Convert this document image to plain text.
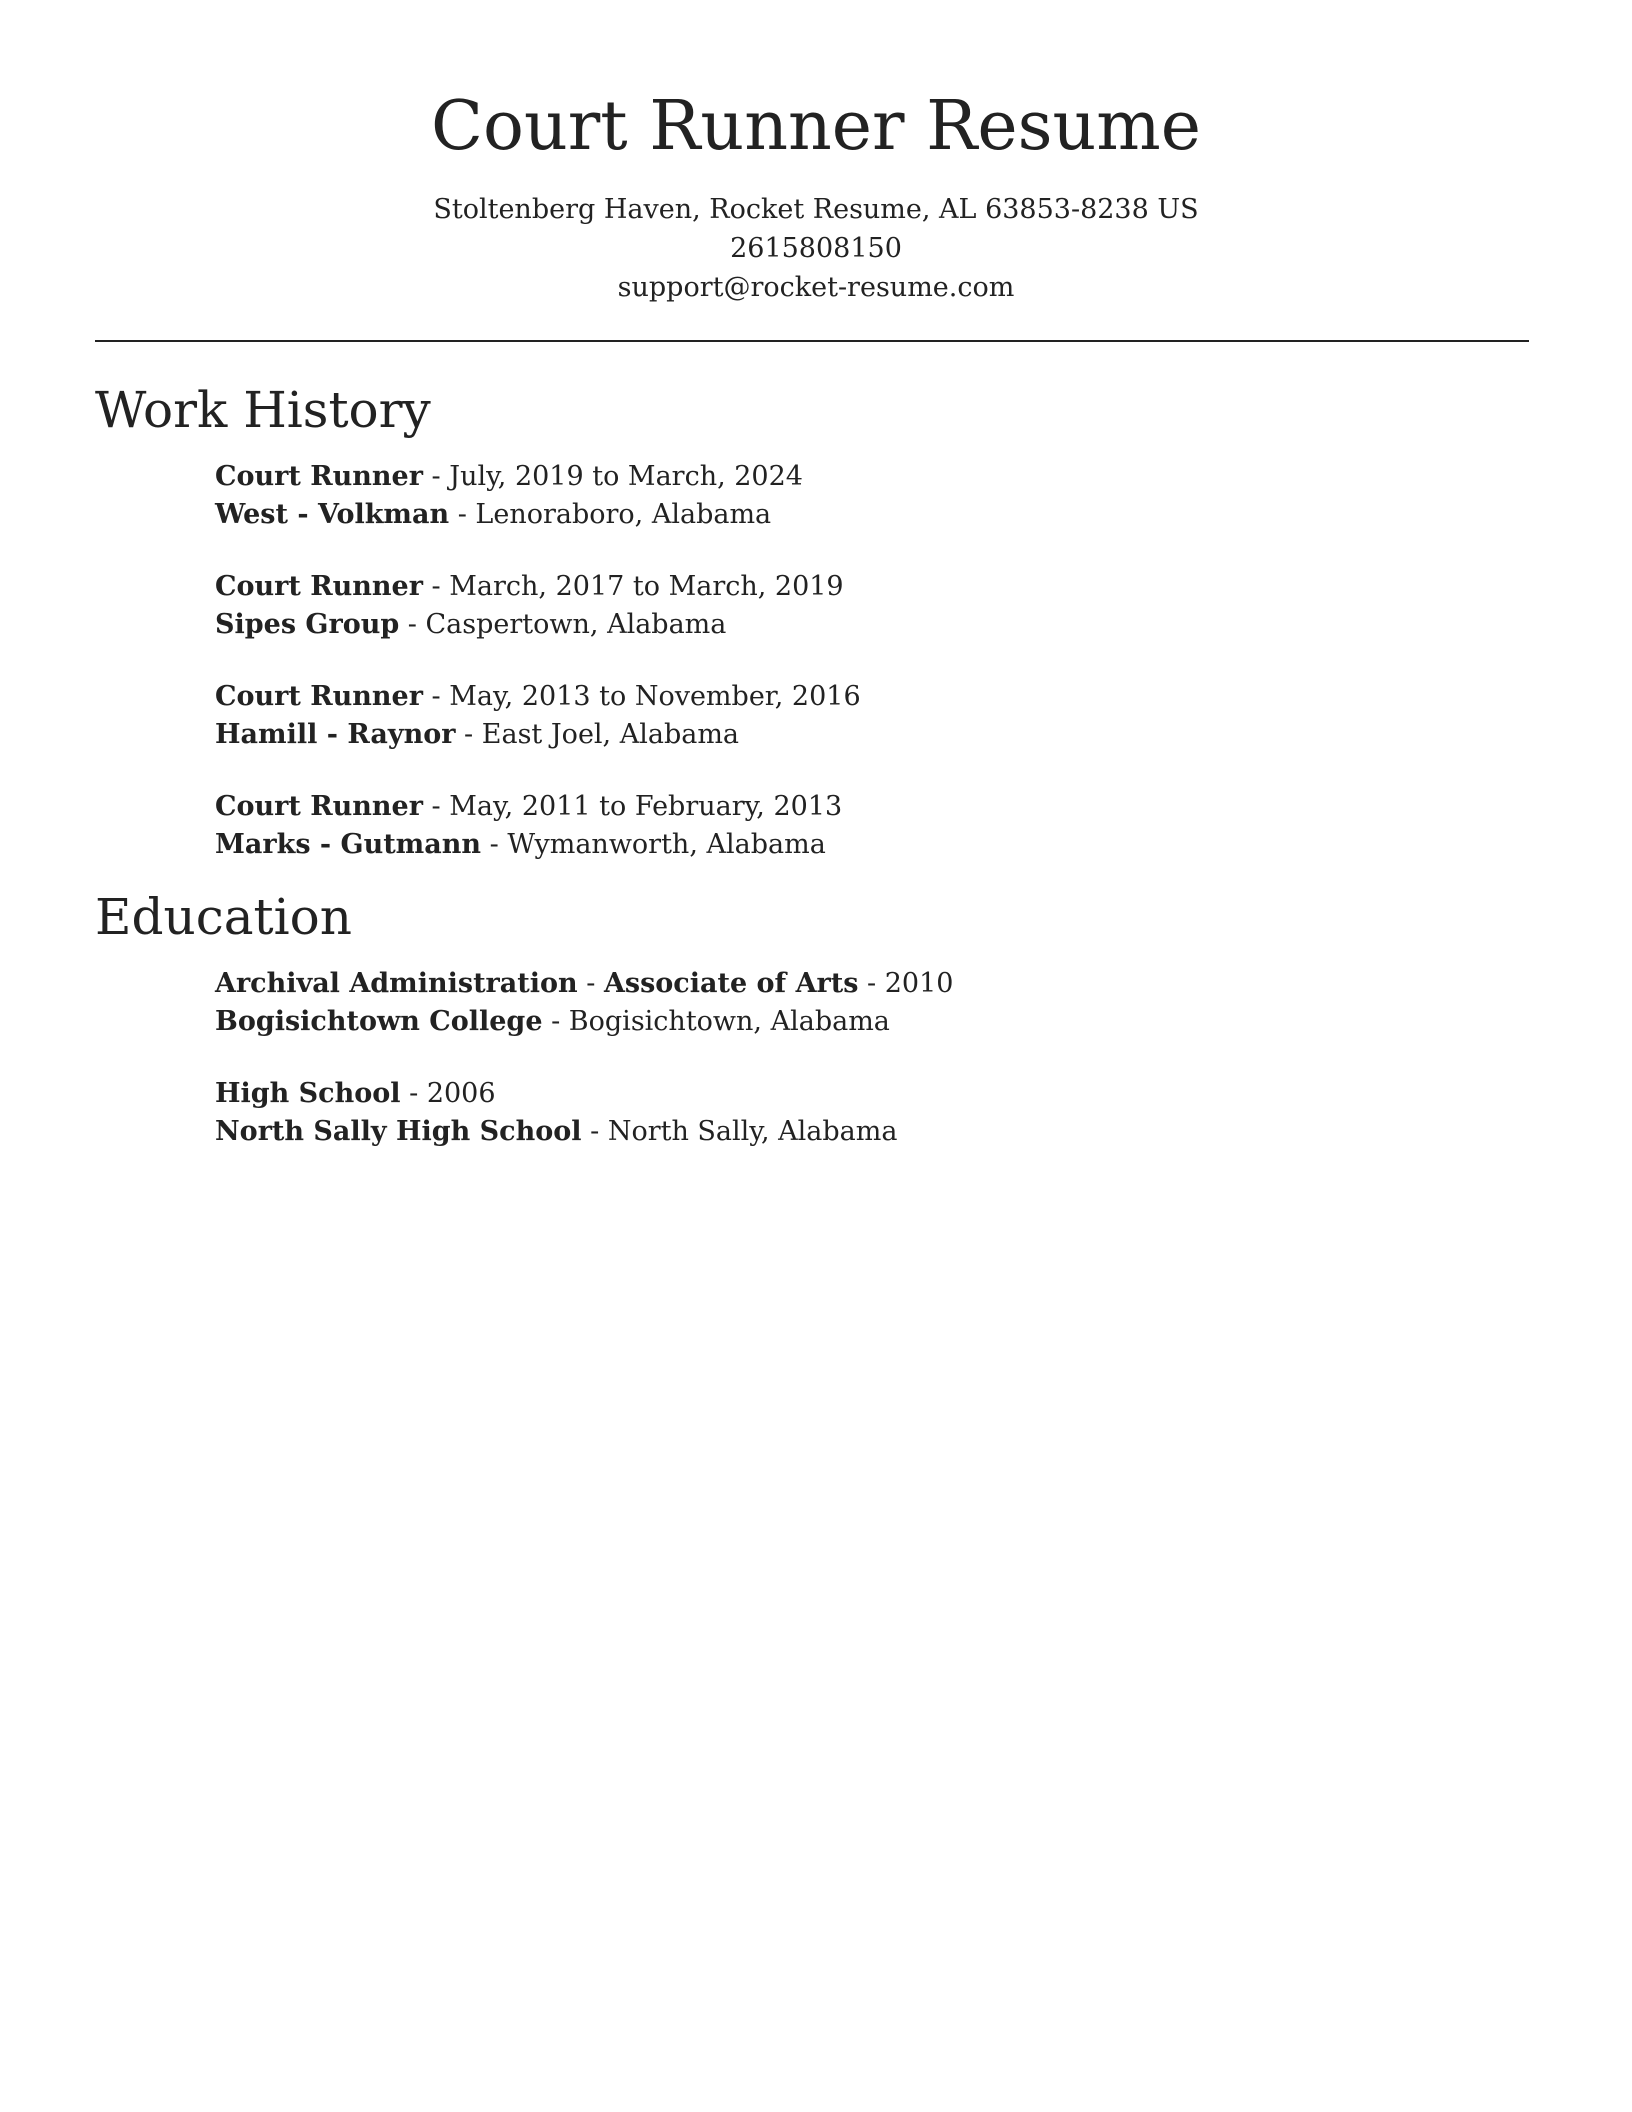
Court Runner Resume
Stoltenberg Haven, Rocket Resume, AL 63853-8238 US
2615808150
support@rocket-resume.com
Work History
Court Runner - July, 2019 to March, 2024
West - Volkman - Lenoraboro, Alabama
Court Runner - March, 2017 to March, 2019
Sipes Group - Caspertown, Alabama
Court Runner - May, 2013 to November, 2016
Hamill - Raynor - East Joel, Alabama
Court Runner - May, 2011 to February, 2013
Marks - Gutmann - Wymanworth, Alabama
Education
Archival Administration - Associate of Arts - 2010
Bogisichtown College - Bogisichtown, Alabama
High School - 2006
North Sally High School - North Sally, Alabama
